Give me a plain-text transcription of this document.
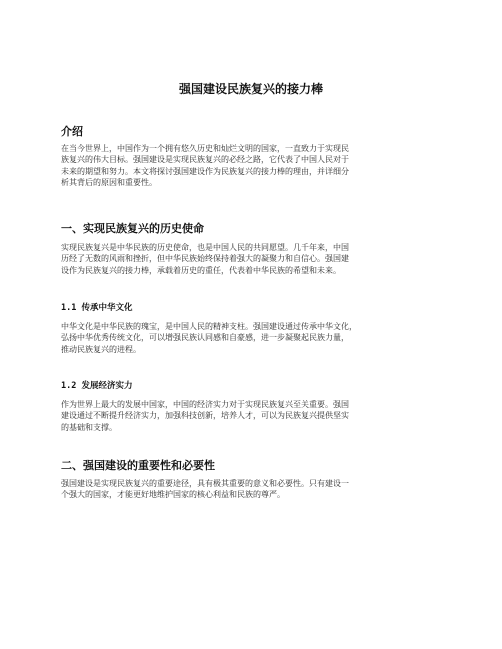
强国建设民族复兴的接力棒
介绍
在当今世界上，中国作为一个拥有悠久历史和灿烂文明的国家，一直致力于实现民
族复兴的伟大目标。强国建设是实现民族复兴的必经之路，它代表了中国人民对于
未来的期望和努力。本文将探讨强国建设作为民族复兴的接力棒的理由，并详细分
析其背后的原因和重要性。
一、实现民族复兴的历史使命
实现民族复兴是中华民族的历史使命，也是中国人民的共同愿望。几千年来，中国
历经了无数的风雨和挫折，但中华民族始终保持着强大的凝聚力和自信心。强国建
设作为民族复兴的接力棒，承载着历史的重任，代表着中华民族的希望和未来。
1.1 传承中华文化
中华文化是中华民族的瑰宝，是中国人民的精神支柱。强国建设通过传承中华文化，
弘扬中华优秀传统文化，可以增强民族认同感和自豪感，进一步凝聚起民族力量，
推动民族复兴的进程。
1.2 发展经济实力
作为世界上最大的发展中国家，中国的经济实力对于实现民族复兴至关重要。强国
建设通过不断提升经济实力，加强科技创新，培养人才，可以为民族复兴提供坚实
的基础和支撑。
二、强国建设的重要性和必要性
强国建设是实现民族复兴的重要途径，具有极其重要的意义和必要性。只有建设一
个强大的国家，才能更好地维护国家的核心利益和民族的尊严。
